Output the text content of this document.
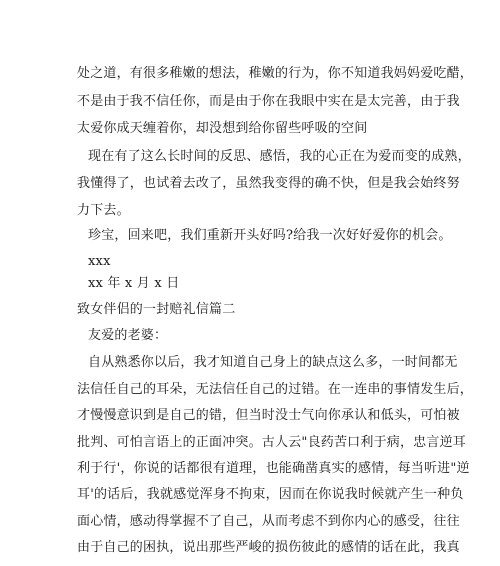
处之道，有很多稚嫩的想法，稚嫩的行为，你不知道我妈妈爱吃醋，
不是由于我不信任你，而是由于你在我眼中实在是太完善，由于我
太爱你成天缠着你，却没想到给你留些呼吸的空间
现在有了这么长时间的反思、感悟，我的心正在为爱而变的成熟，
我懂得了，也试着去改了，虽然我变得的确不快，但是我会始终努
力下去。
珍宝，回来吧，我们重新开头好吗?给我一次好好爱你的机会。
xxx
xx 年 x 月 x 日
致女伴侣的一封赔礼信篇二
友爱的老婆：
自从熟悉你以后，我才知道自己身上的缺点这么多，一时间都无
法信任自己的耳朵，无法信任自己的过错。在一连串的事情发生后，
才慢慢意识到是自己的错，但当时没士气向你承认和低头，可怕被
批判、可怕言语上的正面冲突。古人云"良药苦口利于病，忠言逆耳
利于行'，你说的话都很有道理，也能确凿真实的感情，每当听进"逆
耳'的话后，我就感觉浑身不拘束，因而在你说我时候就产生一种负
面心情，感动得掌握不了自己，从而考虑不到你内心的感受，往往
由于自己的困执，说出那些严峻的损伤彼此的感情的话在此，我真
